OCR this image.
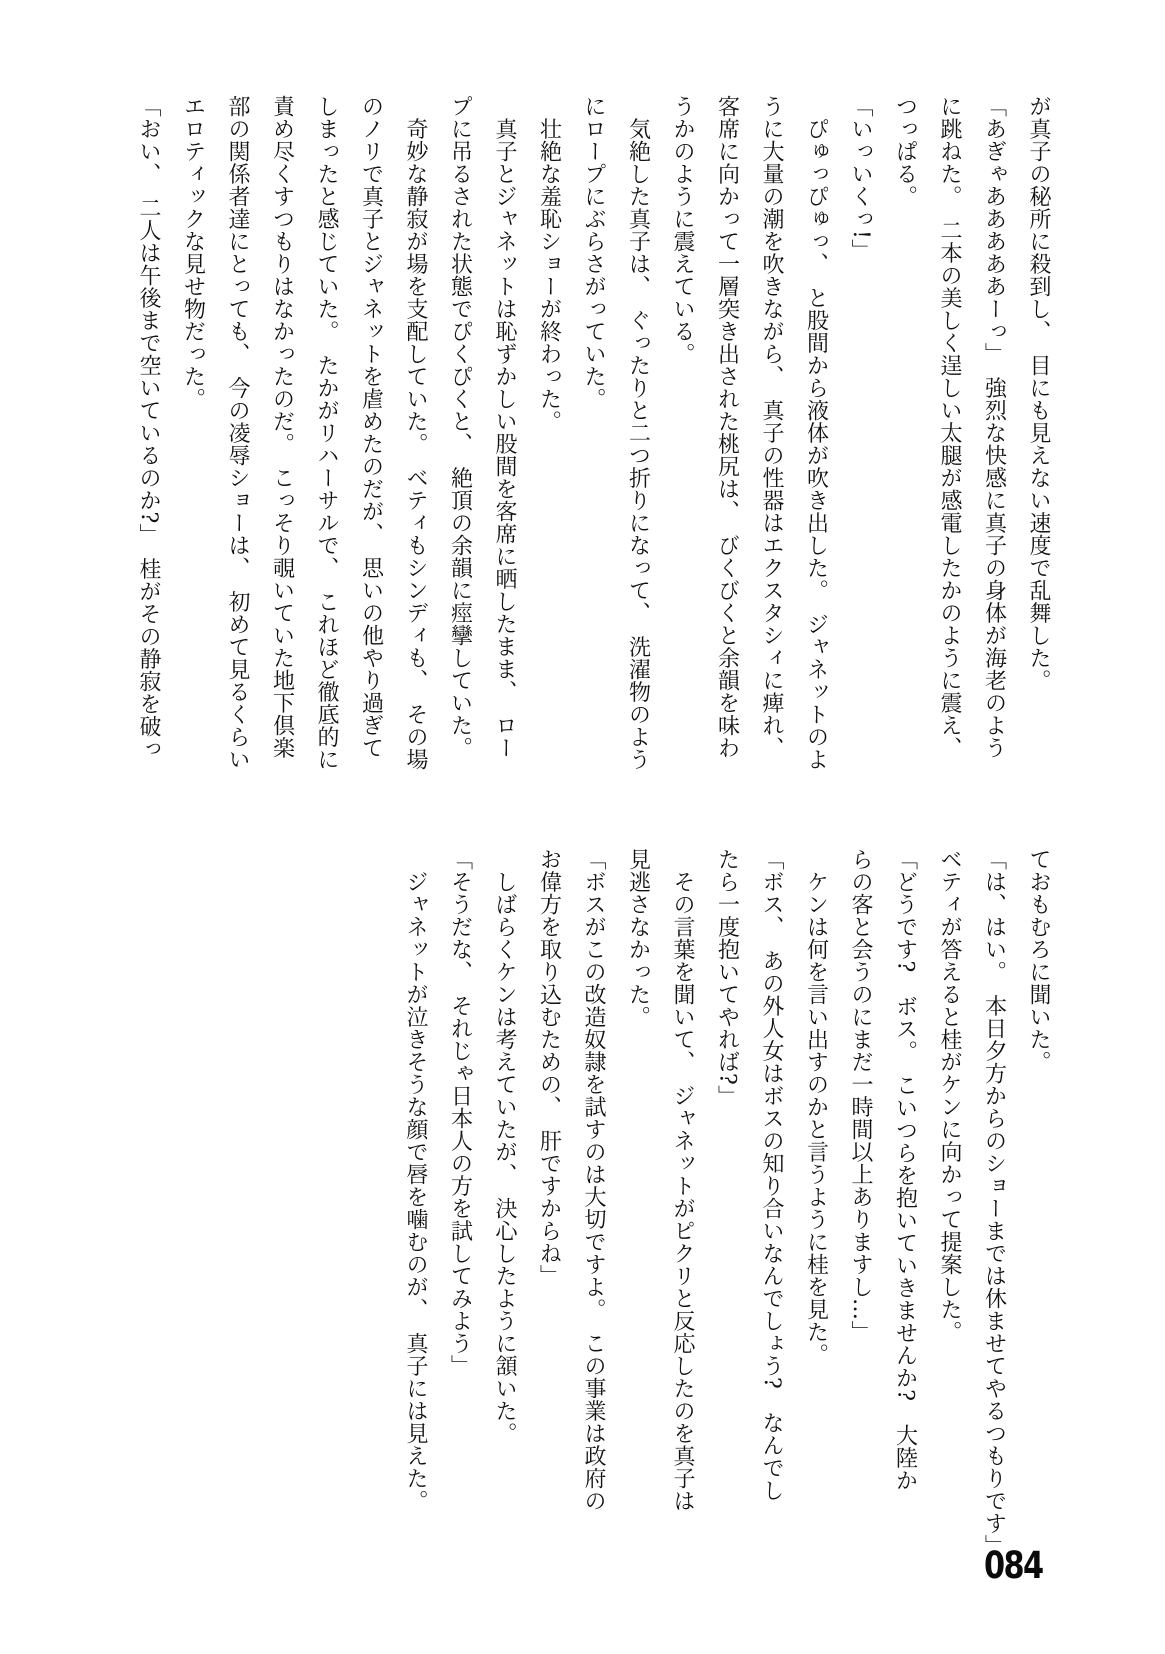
が真子の秘所に殺到し、　目にも見えない速度で乱舞した。

「あぎゃあああああーっ」　強烈な快感に真子の身体が海老のよう

に跳ねた。　二本の美しく逞しい太腿が感電したかのように震え、

つっぱる。

「いっいくっ!」

　ぴゅっぴゅっ、　と股間から液体が吹き出した。　ジャネットのよ

うに大量の潮を吹きながら、　真子の性器はエクスタシィに痺れ、

客席に向かって一層突き出された桃尻は、　びくびくと余韻を味わ

うかのように震えている。

　気絶した真子は、　ぐったりと二つ折りになって、　洗濯物のよう

にロープにぶらさがっていた。

　壮絶な羞恥ショーが終わった。

　真子とジャネットは恥ずかしい股間を客席に晒したまま、　ロー

プに吊るされた状態でぴくぴくと、　絶頂の余韻に痙攣していた。

　奇妙な静寂が場を支配していた。　ベティもシンディも、　その場

のノリで真子とジャネットを虐めたのだが、　思いの他やり過ぎて

しまったと感じていた。　たかがリハーサルで、　これほど徹底的に

責め尽くすつもりはなかったのだ。　こっそり覗いていた地下倶楽

部の関係者達にとっても、　今の凌辱ショーは、　初めて見るくらい

エロティックな見せ物だった。

「おい、　二人は午後まで空いているのか?」　桂がその静寂を破っ

ておもむろに聞いた。

「は、はい。　本日夕方からのショーまでは休ませてやるつもりです」

ベティが答えると桂がケンに向かって提案した。

「どうです?　ボス。　こいつらを抱いていきませんか?　大陸か

らの客と会うのにまだ一時間以上ありますし…」

　ケンは何を言い出すのかと言うように桂を見た。

「ボス、　あの外人女はボスの知り合いなんでしょう?　なんでし

たら一度抱いてやれば?」

　その言葉を聞いて、　ジャネットがピクリと反応したのを真子は

見逃さなかった。

「ボスがこの改造奴隷を試すのは大切ですよ。　この事業は政府の

お偉方を取り込むための、　肝ですからね」

　しばらくケンは考えていたが、　決心したように頷いた。

「そうだな、　それじゃ日本人の方を試してみよう」

　ジャネットが泣きそうな顔で唇を噛むのが、　真子には見えた。

084
